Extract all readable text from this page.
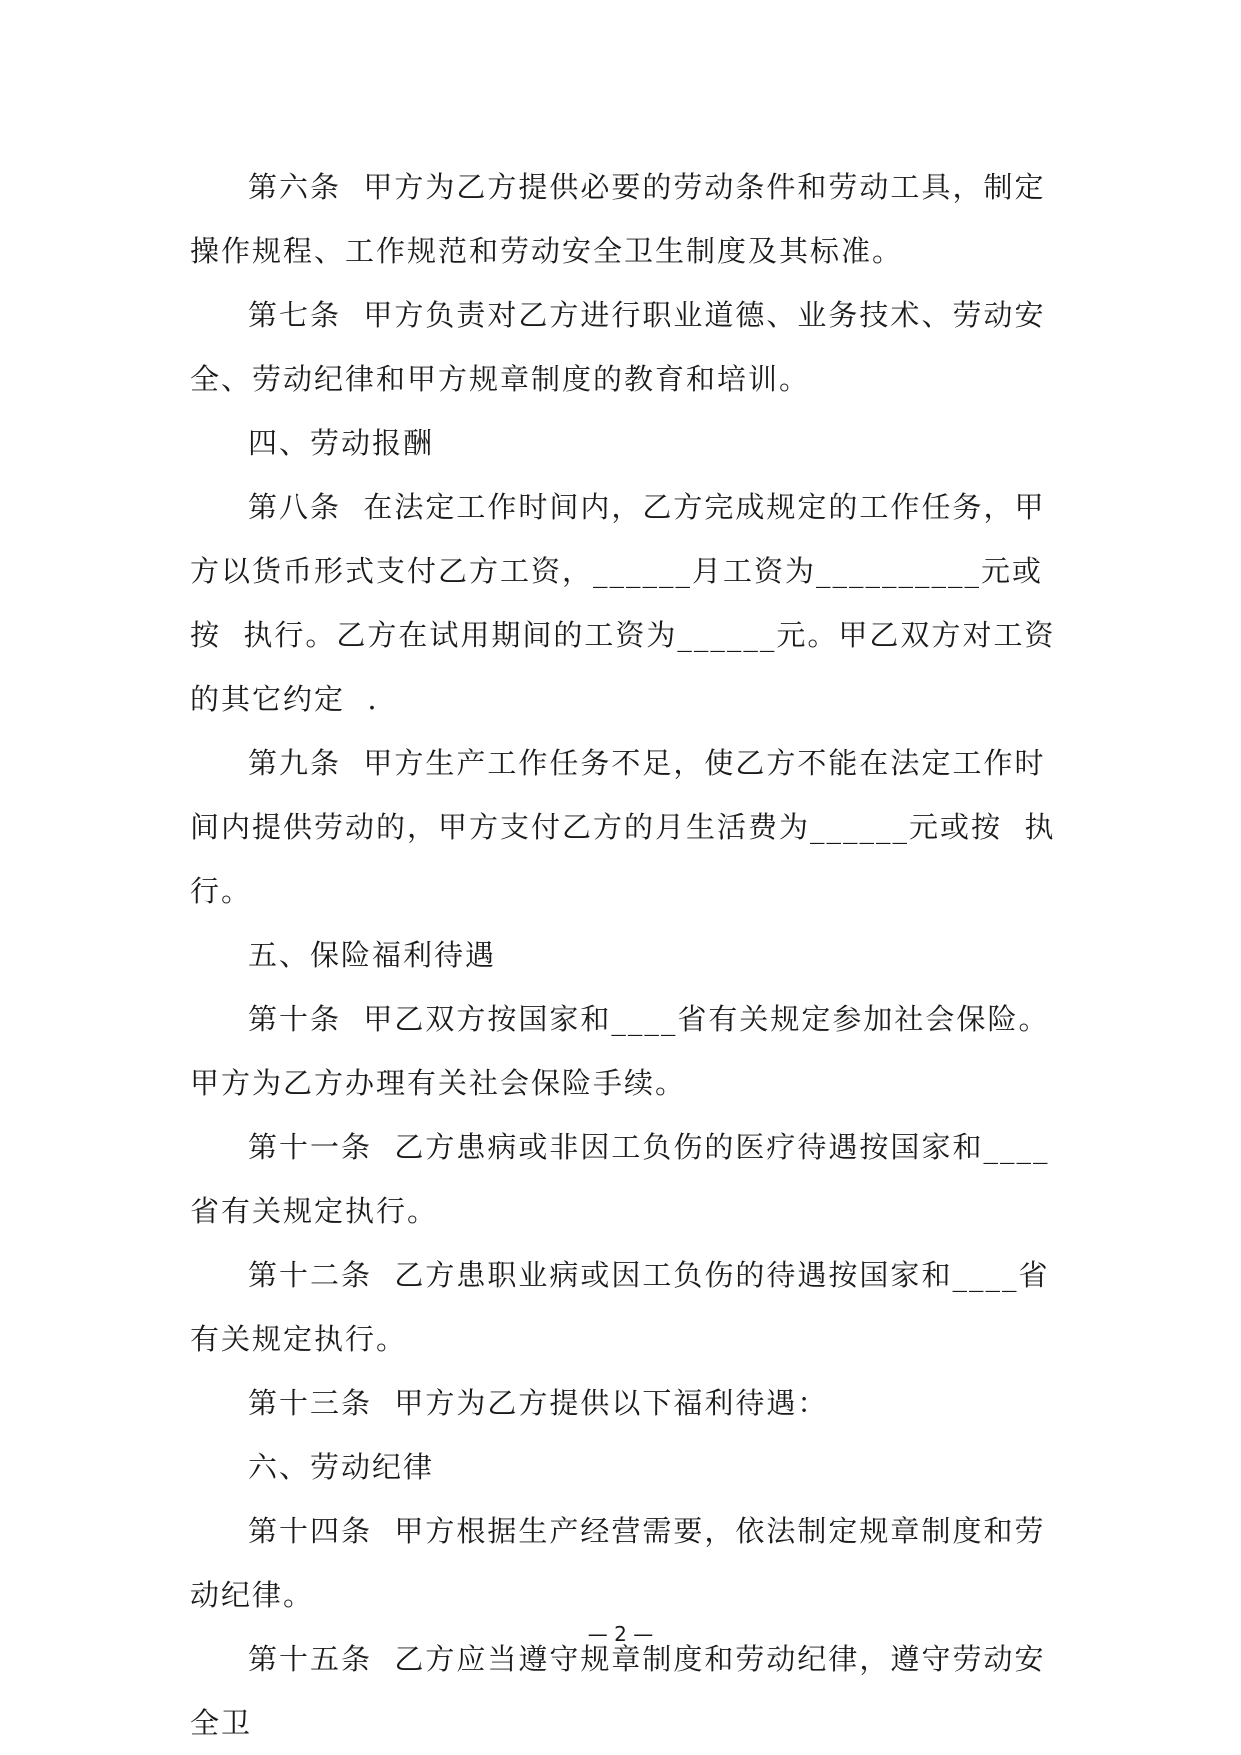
第六条  甲方为乙方提供必要的劳动条件和劳动工具，制定操作规程、工作规范和劳动安全卫生制度及其标准。

第七条  甲方负责对乙方进行职业道德、业务技术、劳动安全、劳动纪律和甲方规章制度的教育和培训。

四、劳动报酬

第八条  在法定工作时间内，乙方完成规定的工作任务，甲方以货币形式支付乙方工资，______月工资为__________元或按  执行。乙方在试用期间的工资为______元。甲乙双方对工资的其它约定  .

第九条  甲方生产工作任务不足，使乙方不能在法定工作时间内提供劳动的，甲方支付乙方的月生活费为______元或按  执行。

五、保险福利待遇

第十条  甲乙双方按国家和____省有关规定参加社会保险。甲方为乙方办理有关社会保险手续。

第十一条  乙方患病或非因工负伤的医疗待遇按国家和____省有关规定执行。

第十二条  乙方患职业病或因工负伤的待遇按国家和____省有关规定执行。

第十三条  甲方为乙方提供以下福利待遇：

六、劳动纪律

第十四条  甲方根据生产经营需要，依法制定规章制度和劳动纪律。

第十五条  乙方应当遵守规章制度和劳动纪律，遵守劳动安全卫

— 2 —
